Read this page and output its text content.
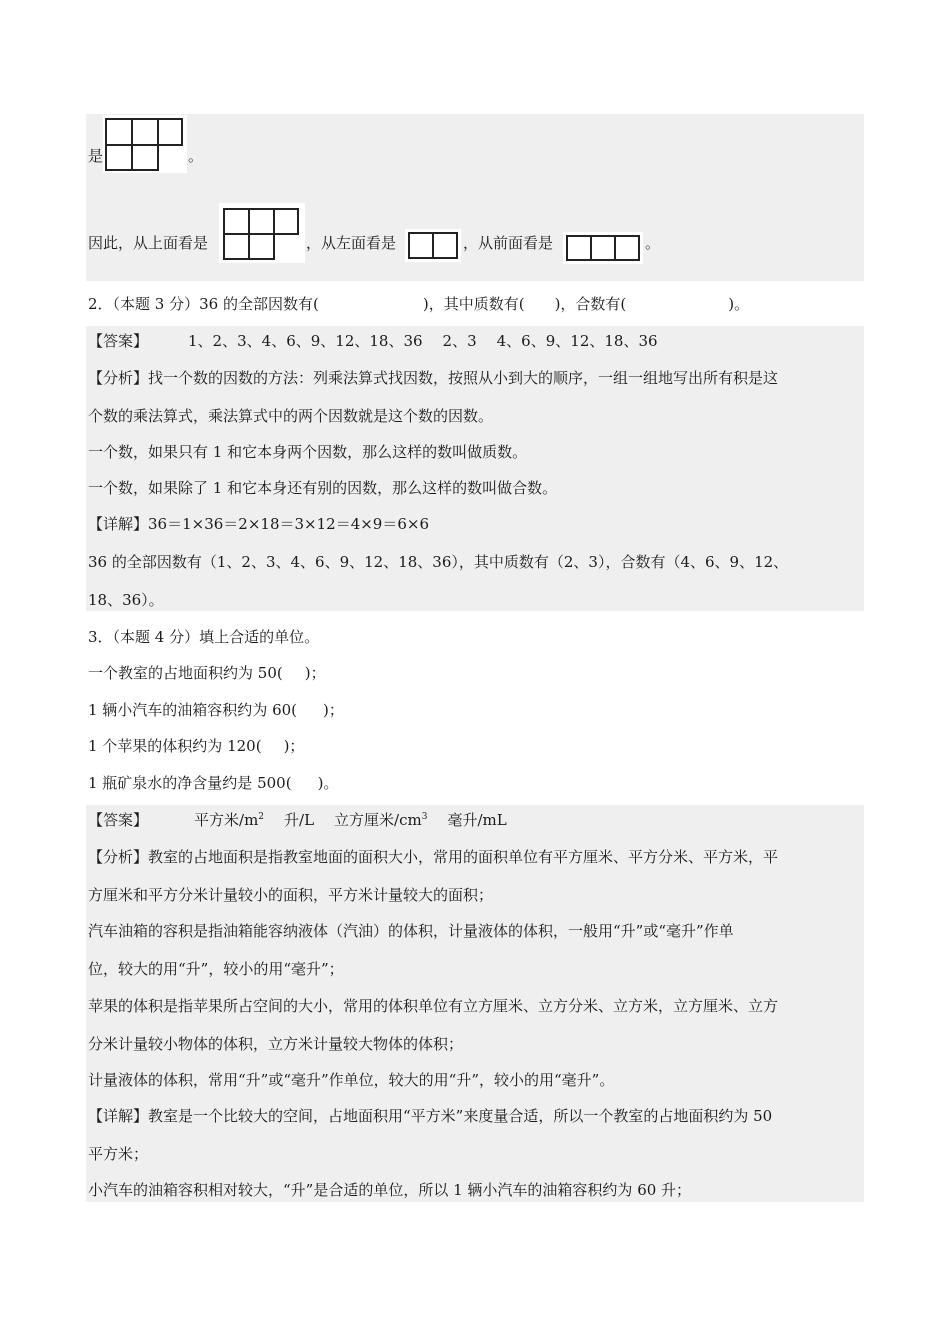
是	。
因此，从上面看是	，从左面看是	，从前面看是	。
2．（本题 3 分）36 的全部因数有(	)，其中质数有( )，合数有(	)。
【答案】	1、2、3、4、6、9、12、18、36 2、3 4、6、9、12、18、36
【分析】找一个数的因数的方法：列乘法算式找因数，按照从小到大的顺序，一组一组地写出所有积是这
个数的乘法算式，乘法算式中的两个因数就是这个数的因数。
一个数，如果只有 1 和它本身两个因数，那么这样的数叫做质数。
一个数，如果除了 1 和它本身还有别的因数，那么这样的数叫做合数。
【详解】36＝1×36＝2×18＝3×12＝4×9＝6×6
36 的全部因数有（1、2、3、4、6、9、12、18、36），其中质数有（2、3），合数有（4、6、9、12、
18、36）。
3．（本题 4 分）填上合适的单位。
一个教室的占地面积约为 50( )；
1 辆小汽车的油箱容积约为 60( )；
1 个苹果的体积约为 120( )；
1 瓶矿泉水的净含量约是 500( )。
【答案】	平方米$/m^2$ 升/L 立方厘米$/cm^3$ 毫升/mL
【分析】教室的占地面积是指教室地面的面积大小，常用的面积单位有平方厘米、平方分米、平方米，平
方厘米和平方分米计量较小的面积，平方米计量较大的面积；
汽车油箱的容积是指油箱能容纳液体（汽油）的体积，计量液体的体积，一般用“升”或“毫升”作单
位，较大的用“升”，较小的用“毫升”；
苹果的体积是指苹果所占空间的大小，常用的体积单位有立方厘米、立方分米、立方米，立方厘米、立方
分米计量较小物体的体积，立方米计量较大物体的体积；
计量液体的体积，常用“升”或“毫升”作单位，较大的用“升”，较小的用“毫升”。
【详解】教室是一个比较大的空间，占地面积用“平方米”来度量合适，所以一个教室的占地面积约为 50
平方米；
小汽车的油箱容积相对较大，“升”是合适的单位，所以 1 辆小汽车的油箱容积约为 60 升；
